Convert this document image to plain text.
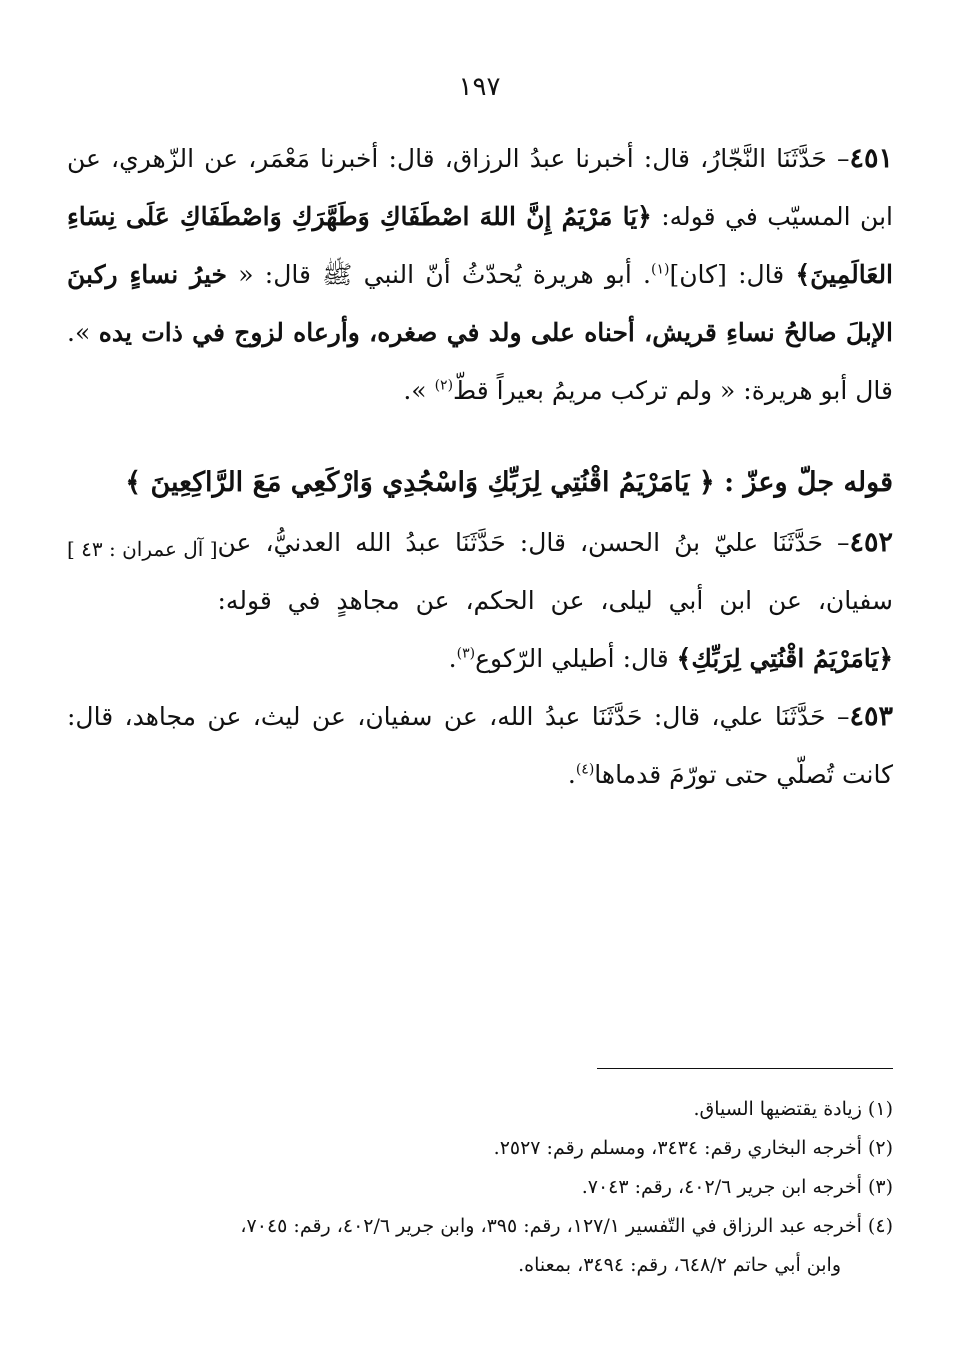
١٩٧

٤٥١– حَدَّثَنَا النَّجّارُ، قال: أخبرنا عبدُ الرزاق، قال: أخبرنا مَعْمَر، عن الزّهري، عن ابن المسيّب في قوله: ﴿يَا مَرْيَمُ إِنَّ اللهَ اصْطَفَاكِ وَطَهَّرَكِ وَاصْطَفَاكِ عَلَى نِسَاءِ العَالَمِينَ﴾ قال: [كان]$^{(١)}$. أبو هريرة يُحدّثُ أنّ النبي ﷺ قال: « خيرُ نساءٍ ركبنَ الإبلَ صالحُ نساءِ قريش، أحناه على ولد في صغره، وأرعاه لزوج في ذات يده ». قال أبو هريرة: « ولم تركب مريمُ بعيراً قطّ$^{(٢)}$ ».

قوله جلّ وعزّ : ﴿ يَامَرْيَمُ اقْنُتِي لِرَبِّكِ وَاسْجُدِي وَارْكَعِي مَعَ الرَّاكِعِينَ ﴾
[ آل عمران : ٤٣ ]	٤٥٢– حَدَّثَنَا عليّ بنُ الحسن، قال: حَدَّثَنَا عبدُ الله العدنيُّ، عن سفيان، عن ابن أبي ليلى، عن الحكم، عن مجاهدٍ في قوله: ﴿يَامَرْيَمُ اقْنُتِي لِرَبِّكِ﴾ قال: أطيلي الرّكوع$^{(٣)}$.

٤٥٣– حَدَّثَنَا علي، قال: حَدَّثَنَا عبدُ الله، عن سفيان، عن ليث، عن مجاهد، قال: كانت تُصلّي حتى تورّمَ قدماها$^{(٤)}$.

(١) زيادة يقتضيها السياق.

(٢) أخرجه البخاري رقم: ٣٤٣٤، ومسلم رقم: ٢٥٢٧.

(٣) أخرجه ابن جرير ٤٠٢/٦، رقم: ٧٠٤٣.

(٤) أخرجه عبد الرزاق في التّفسير ١٢٧/١، رقم: ٣٩٥، وابن جرير ٤٠٢/٦، رقم: ٧٠٤٥،

وابن أبي حاتم ٦٤٨/٢، رقم: ٣٤٩٤، بمعناه.
